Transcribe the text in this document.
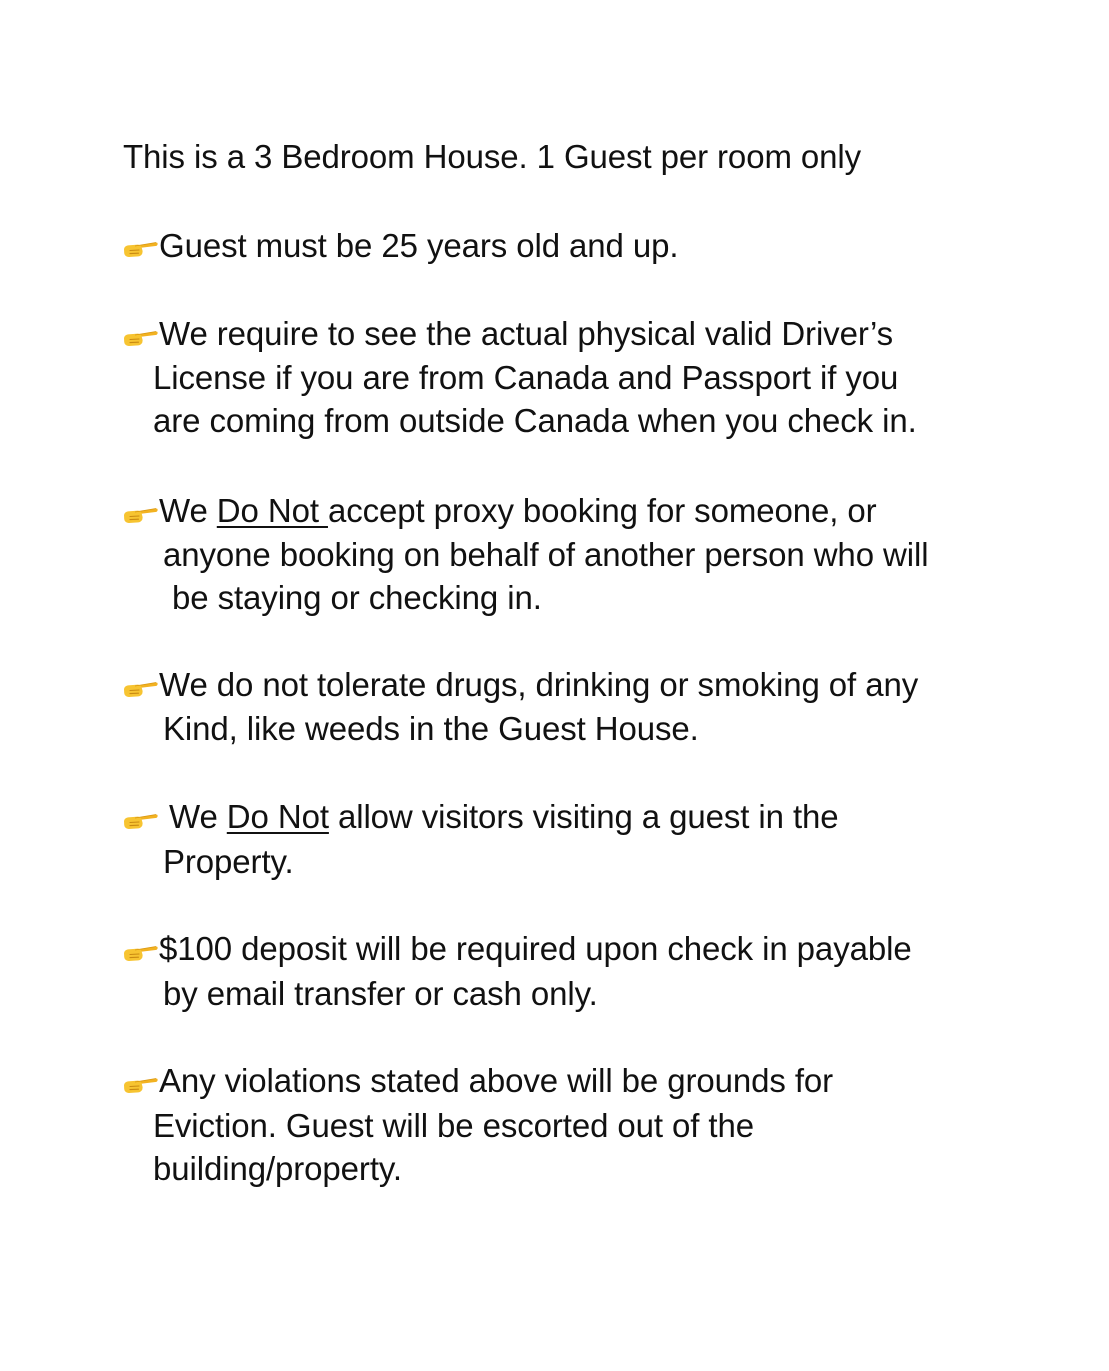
This is a 3 Bedroom House. 1 Guest per room only
Guest must be 25 years old and up.
We require to see the actual physical valid Driver’s
License if you are from Canada and Passport if you
are coming from outside Canada when you check in.
We Do Not accept proxy booking for someone, or
anyone booking on behalf of another person who will
be staying or checking in.
We do not tolerate drugs, drinking or smoking of any
Kind, like weeds in the Guest House.
We Do Not allow visitors visiting a guest in the
Property.
$100 deposit will be required upon check in payable
by email transfer or cash only.
Any violations stated above will be grounds for
Eviction. Guest will be escorted out of the
building/property.
